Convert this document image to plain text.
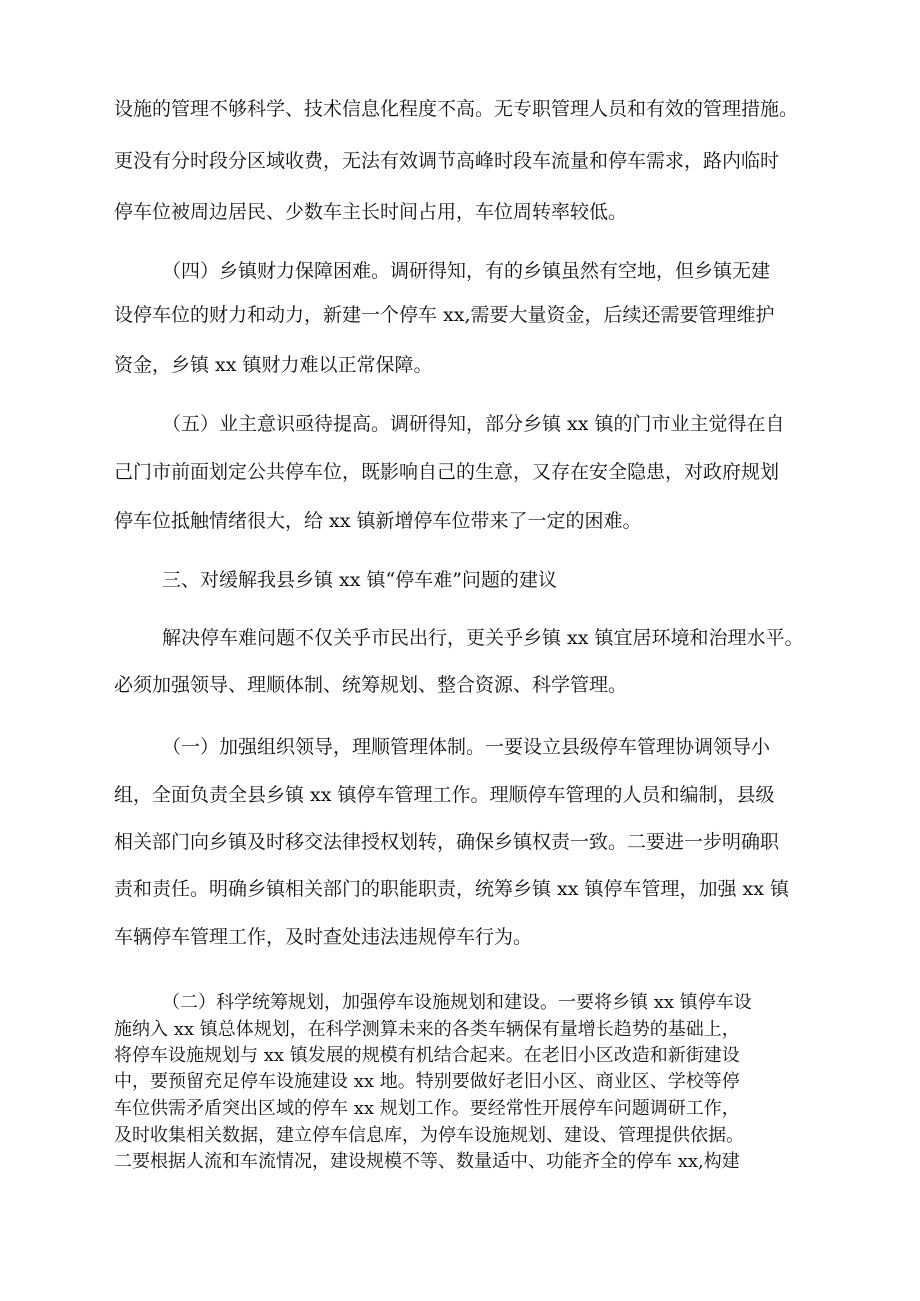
设施的管理不够科学、技术信息化程度不高。无专职管理人员和有效的管理措施。
更没有分时段分区域收费，无法有效调节高峰时段车流量和停车需求，路内临时
停车位被周边居民、少数车主长时间占用，车位周转率较低。
（四）乡镇财力保障困难。调研得知，有的乡镇虽然有空地，但乡镇无建
设停车位的财力和动力，新建一个停车 xx,需要大量资金，后续还需要管理维护
资金，乡镇 xx 镇财力难以正常保障。
（五）业主意识亟待提高。调研得知，部分乡镇 xx 镇的门市业主觉得在自
己门市前面划定公共停车位，既影响自己的生意，又存在安全隐患，对政府规划
停车位抵触情绪很大，给 xx 镇新增停车位带来了一定的困难。
三、对缓解我县乡镇 xx 镇“停车难”问题的建议
解决停车难问题不仅关乎市民出行，更关乎乡镇 xx 镇宜居环境和治理水平。
必须加强领导、理顺体制、统筹规划、整合资源、科学管理。
（一）加强组织领导，理顺管理体制。一要设立县级停车管理协调领导小
组，全面负责全县乡镇 xx 镇停车管理工作。理顺停车管理的人员和编制，县级
相关部门向乡镇及时移交法律授权划转，确保乡镇权责一致。二要进一步明确职
责和责任。明确乡镇相关部门的职能职责，统筹乡镇 xx 镇停车管理，加强 xx 镇
车辆停车管理工作，及时查处违法违规停车行为。
（二）科学统筹规划，加强停车设施规划和建设。一要将乡镇 xx 镇停车设
施纳入 xx 镇总体规划，在科学测算未来的各类车辆保有量增长趋势的基础上，
将停车设施规划与 xx 镇发展的规模有机结合起来。在老旧小区改造和新街建设
中，要预留充足停车设施建设 xx 地。特别要做好老旧小区、商业区、学校等停
车位供需矛盾突出区域的停车 xx 规划工作。要经常性开展停车问题调研工作，
及时收集相关数据，建立停车信息库，为停车设施规划、建设、管理提供依据。
二要根据人流和车流情况，建设规模不等、数量适中、功能齐全的停车 xx,构建
